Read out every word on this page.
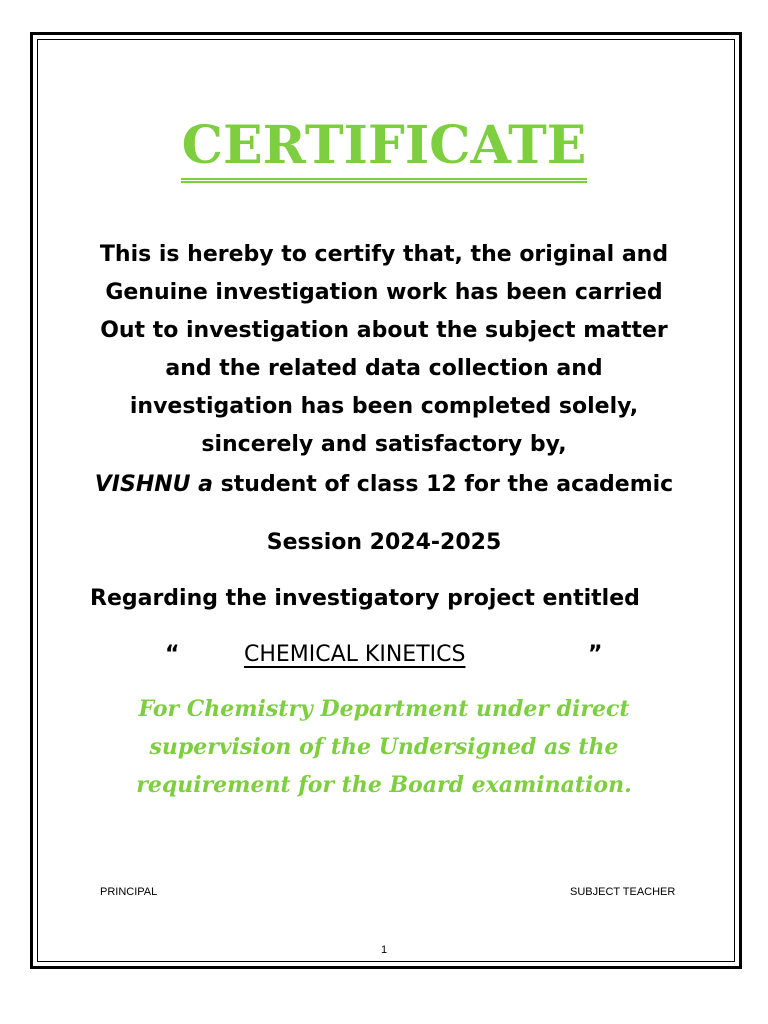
CERTIFICATE
This is hereby to certify that, the original and
Genuine investigation work has been carried
Out to investigation about the subject matter
and the related data collection and
investigation has been completed solely,
sincerely and satisfactory by,
VISHNU a student of class 12 for the academic
Session 2024-2025
Regarding the investigatory project entitled
“	CHEMICAL KINETICS	”
For Chemistry Department under direct
supervision of the Undersigned as the
requirement for the Board examination.
PRINCIPAL	SUBJECT TEACHER
1
